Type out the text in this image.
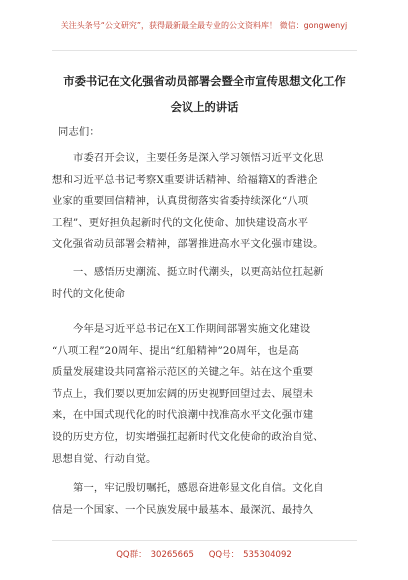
关注头条号“公文研究”，获得最新最全最专业的公文资料库！ 微信：gongwenyj
市委书记在文化强省动员部署会暨全市宣传思想文化工作
会议上的讲话

同志们：

市委召开会议，主要任务是深入学习领悟习近平文化思
想和习近平总书记考察X重要讲话精神、给福籍X的香港企
业家的重要回信精神，认真贯彻落实省委持续深化“八项
工程”、更好担负起新时代的文化使命、加快建设高水平
文化强省动员部署会精神，部署推进高水平文化强市建设。

一、感悟历史潮流、挺立时代潮头，以更高站位扛起新
时代的文化使命

今年是习近平总书记在X工作期间部署实施文化建设
“八项工程”20周年、提出“红船精神”20周年，也是高
质量发展建设共同富裕示范区的关键之年。站在这个重要
节点上，我们要以更加宏阔的历史视野回望过去、展望未
来，在中国式现代化的时代浪潮中找准高水平文化强市建
设的历史方位，切实增强扛起新时代文化使命的政治自觉、
思想自觉、行动自觉。

第一，牢记殷切嘱托，感恩奋进彰显文化自信。文化自
信是一个国家、一个民族发展中最基本、最深沉、最持久

QQ群： 30265665 QQ号： 535304092
